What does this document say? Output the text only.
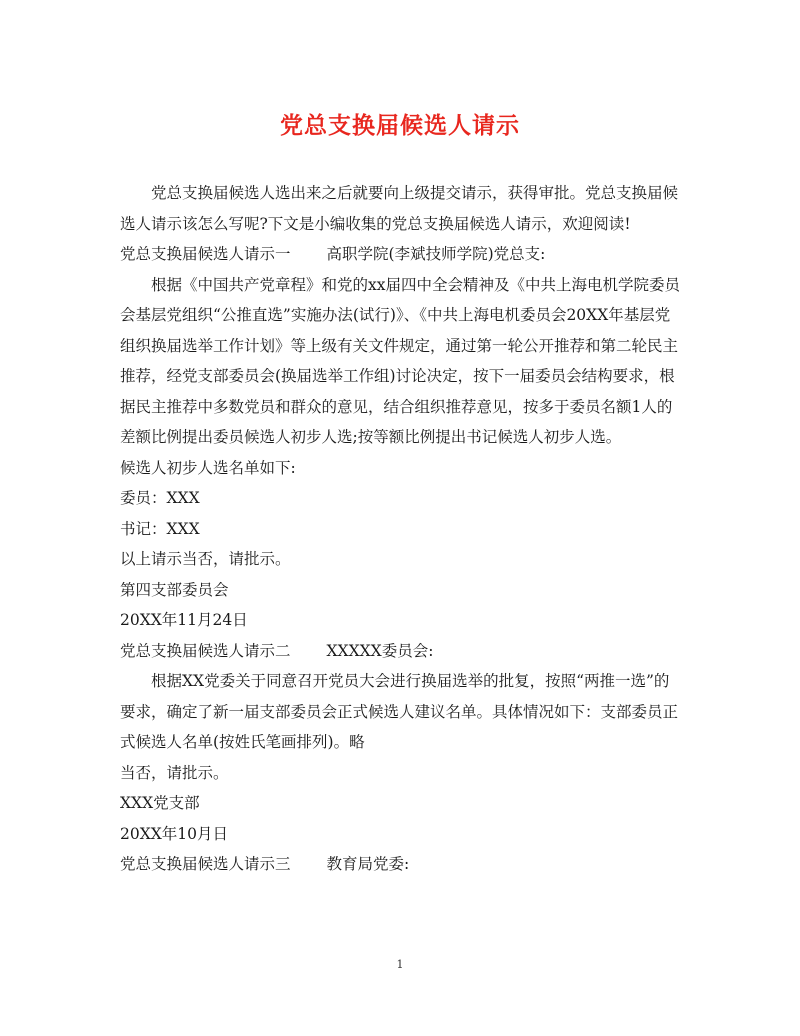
党总支换届候选人请示

党总支换届候选人选出来之后就要向上级提交请示，获得审批。党总支换届候选人请示该怎么写呢?下文是小编收集的党总支换届候选人请示，欢迎阅读!

党总支换届候选人请示一 高职学院(李斌技师学院)党总支:

根据《中国共产党章程》和党的xx届四中全会精神及《中共上海电机学院委员会基层党组织“公推直选”实施办法(试行)》、《中共上海电机委员会20XX年基层党组织换届选举工作计划》等上级有关文件规定，通过第一轮公开推荐和第二轮民主推荐，经党支部委员会(换届选举工作组)讨论决定，按下一届委员会结构要求，根据民主推荐中多数党员和群众的意见，结合组织推荐意见，按多于委员名额1人的差额比例提出委员候选人初步人选;按等额比例提出书记候选人初步人选。

候选人初步人选名单如下:

委员：XXX

书记：XXX

以上请示当否，请批示。

第四支部委员会

20XX年11月24日

党总支换届候选人请示二 XXXXX委员会:

根据XX党委关于同意召开党员大会进行换届选举的批复，按照“两推一选”的要求，确定了新一届支部委员会正式候选人建议名单。具体情况如下：支部委员正式候选人名单(按姓氏笔画排列)。略

当否，请批示。

XXX党支部

20XX年10月日

党总支换届候选人请示三 教育局党委:

1
